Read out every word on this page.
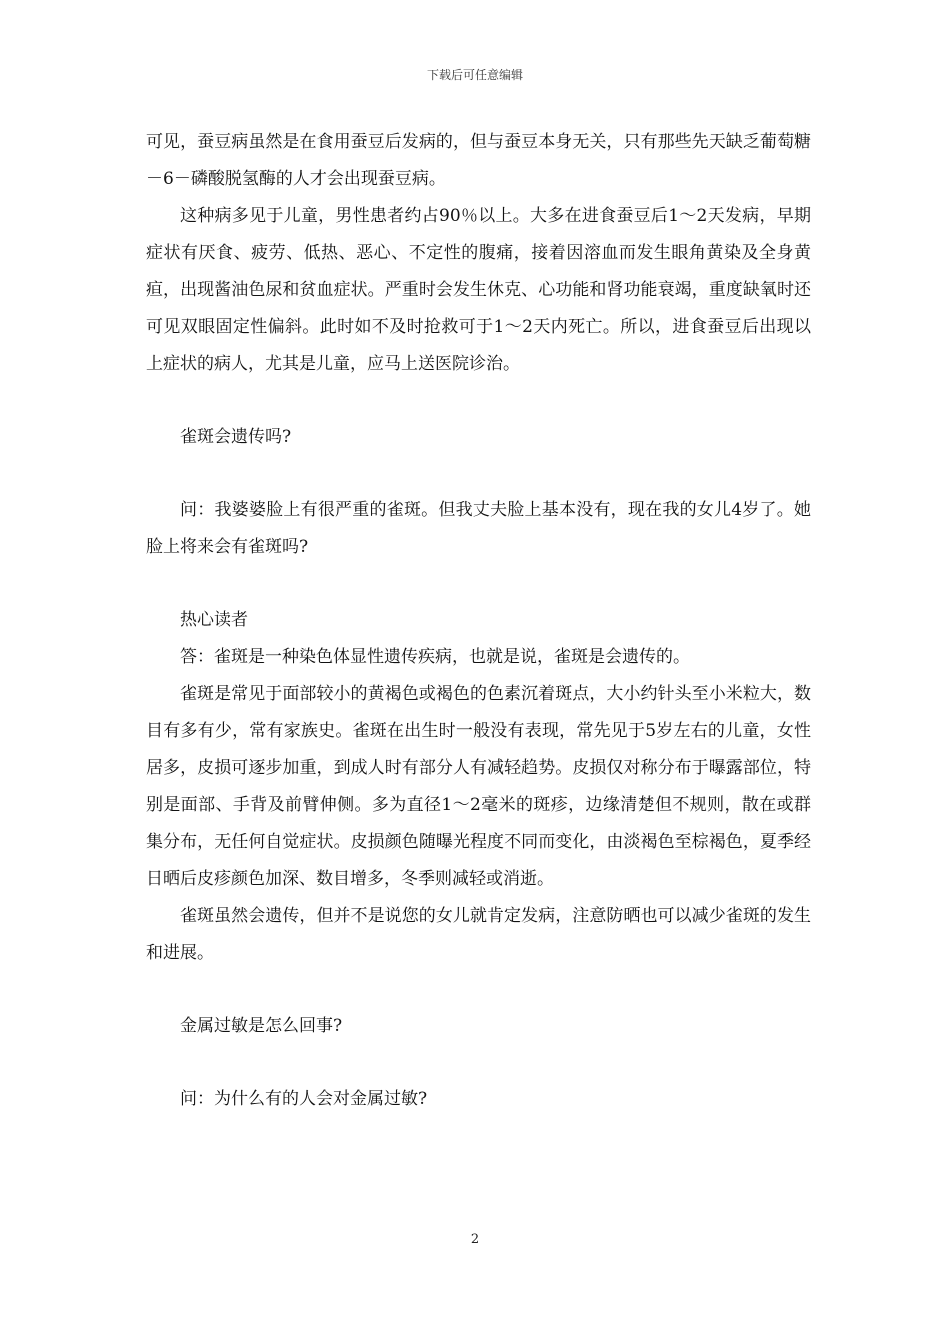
下载后可任意编辑

可见，蚕豆病虽然是在食用蚕豆后发病的，但与蚕豆本身无关，只有那些先天缺乏葡萄糖－6－磷酸脱氢酶的人才会出现蚕豆病。

这种病多见于儿童，男性患者约占90％以上。大多在进食蚕豆后1～2天发病，早期症状有厌食、疲劳、低热、恶心、不定性的腹痛，接着因溶血而发生眼角黄染及全身黄疸，出现酱油色尿和贫血症状。严重时会发生休克、心功能和肾功能衰竭，重度缺氧时还可见双眼固定性偏斜。此时如不及时抢救可于1～2天内死亡。所以，进食蚕豆后出现以上症状的病人，尤其是儿童，应马上送医院诊治。

雀斑会遗传吗?

问：我婆婆脸上有很严重的雀斑。但我丈夫脸上基本没有，现在我的女儿4岁了。她脸上将来会有雀斑吗?

热心读者

答：雀斑是一种染色体显性遗传疾病，也就是说，雀斑是会遗传的。

雀斑是常见于面部较小的黄褐色或褐色的色素沉着斑点，大小约针头至小米粒大，数目有多有少，常有家族史。雀斑在出生时一般没有表现，常先见于5岁左右的儿童，女性居多，皮损可逐步加重，到成人时有部分人有减轻趋势。皮损仅对称分布于曝露部位，特别是面部、手背及前臂伸侧。多为直径1～2毫米的斑疹，边缘清楚但不规则，散在或群集分布，无任何自觉症状。皮损颜色随曝光程度不同而变化，由淡褐色至棕褐色，夏季经日晒后皮疹颜色加深、数目增多，冬季则减轻或消逝。

雀斑虽然会遗传，但并不是说您的女儿就肯定发病，注意防晒也可以减少雀斑的发生和进展。

金属过敏是怎么回事?

问：为什么有的人会对金属过敏?

2
